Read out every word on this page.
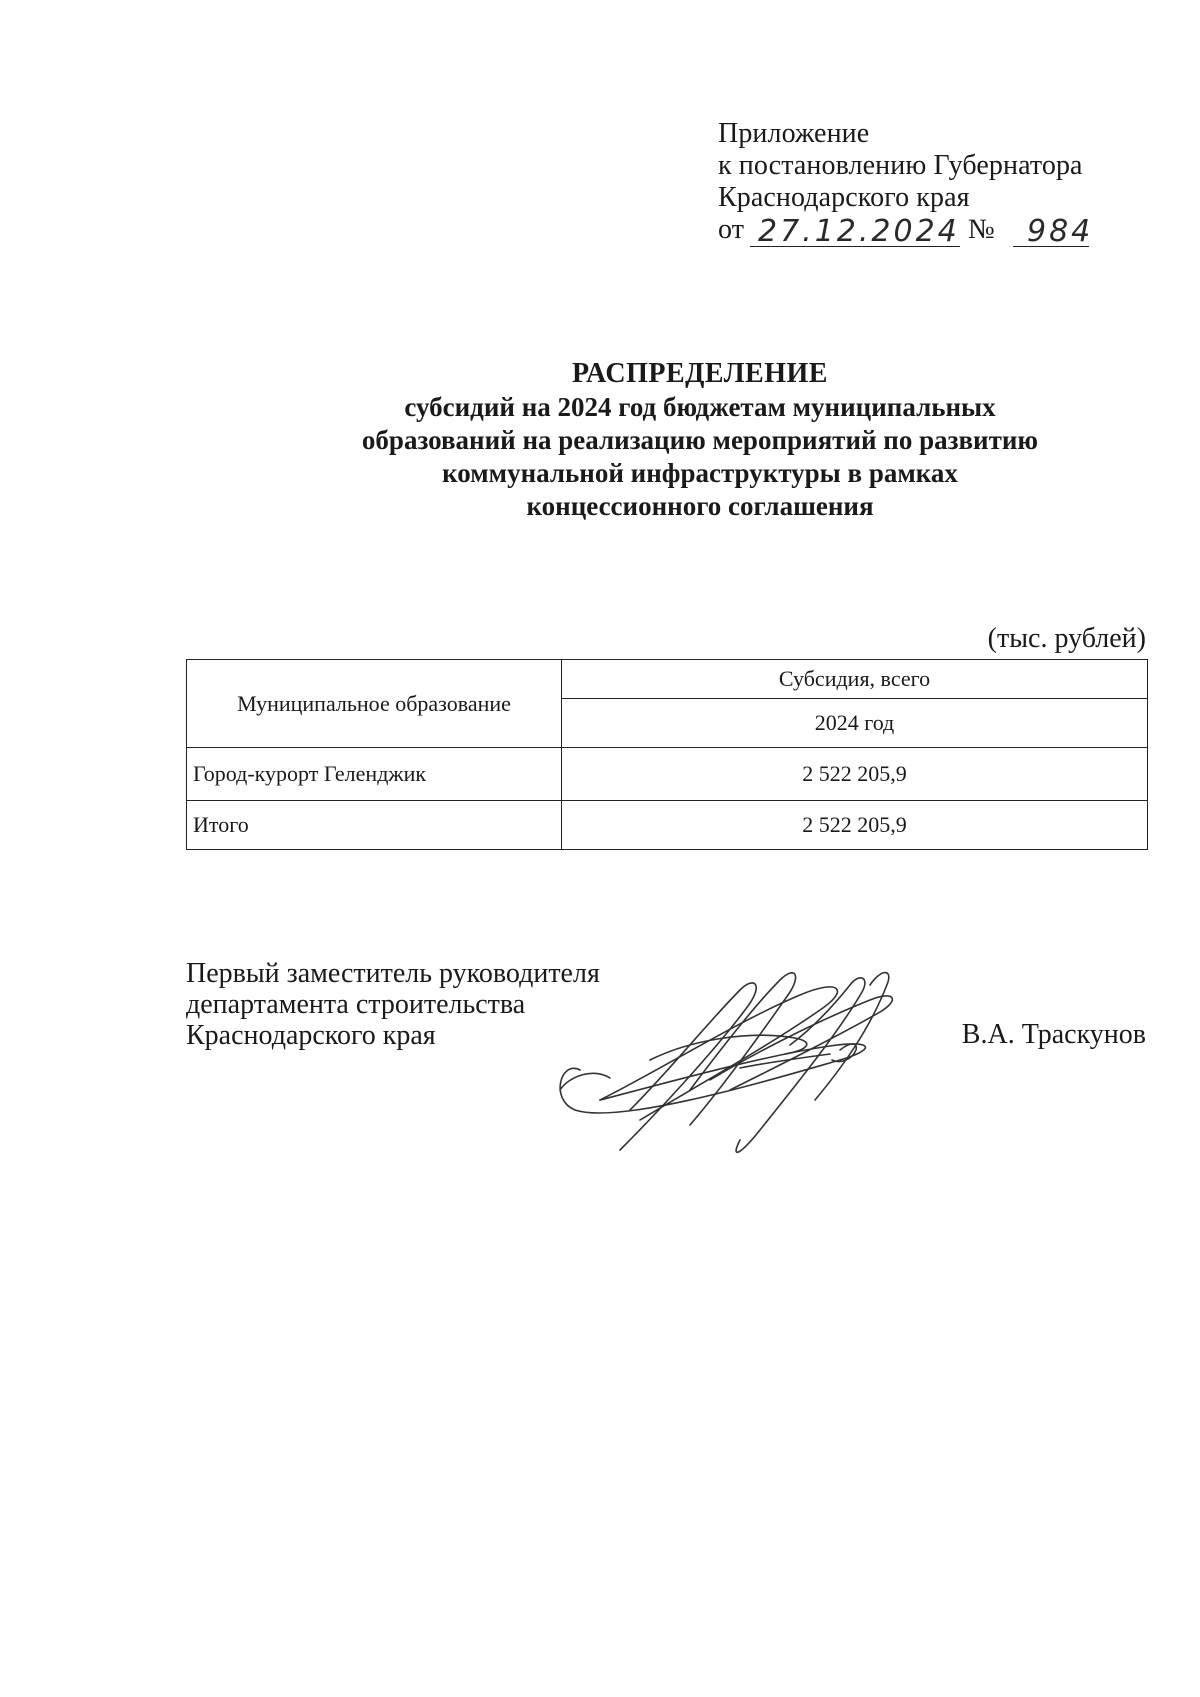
Приложение
к постановлению Губернатора
Краснодарского края
от 27.12.2024 № 984
РАСПРЕДЕЛЕНИЕ
субсидий на 2024 год бюджетам муниципальных
образований на реализацию мероприятий по развитию
коммунальной инфраструктуры в рамках
концессионного соглашения
(тыс. рублей)
Муниципальное образование	Субсидия, всего
	2024 год
Город-курорт Геленджик	2 522 205,9
Итого	2 522 205,9
Первый заместитель руководителя
департамента строительства
Краснодарского края	В.А. Траскунов
